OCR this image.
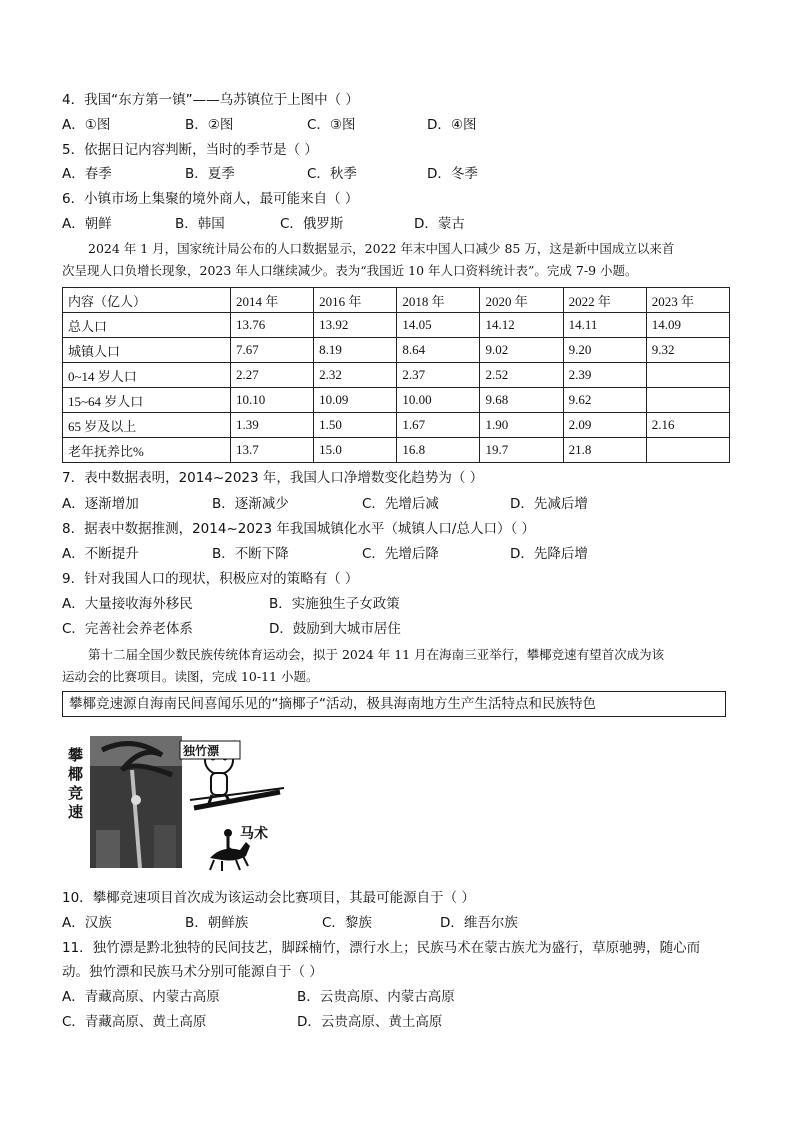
4．我国“东方第一镇”——乌苏镇位于上图中（ ）
A．①图	B．②图	C．③图	D．④图
5．依据日记内容判断，当时的季节是（ ）
A．春季	B．夏季	C．秋季	D．冬季
6．小镇市场上集聚的境外商人，最可能来自（ ）
A．朝鲜	B．韩国	C．俄罗斯	D．蒙古
2024 年 1 月，国家统计局公布的人口数据显示，2022 年末中国人口减少 85 万，这是新中国成立以来首
次呈现人口负增长现象，2023 年人口继续减少。表为“我国近 10 年人口资料统计表”。完成 7-9 小题。
内容（亿人）	2014 年	2016 年	2018 年	2020 年	2022 年	2023 年
总人口	13.76	13.92	14.05	14.12	14.11	14.09
城镇人口	7.67	8.19	8.64	9.02	9.20	9.32
0~14 岁人口	2.27	2.32	2.37	2.52	2.39	
15~64 岁人口	10.10	10.09	10.00	9.68	9.62	
65 岁及以上	1.39	1.50	1.67	1.90	2.09	2.16
老年抚养比%	13.7	15.0	16.8	19.7	21.8	
7．表中数据表明，2014~2023 年，我国人口净增数变化趋势为（ ）
A．逐渐增加	B．逐渐减少	C．先增后减	D．先减后增
8．据表中数据推测，2014~2023 年我国城镇化水平（城镇人口/总人口）（ ）
A．不断提升	B．不断下降	C．先增后降	D．先降后增
9．针对我国人口的现状，积极应对的策略有（ ）
A．大量接收海外移民	B．实施独生子女政策
C．完善社会养老体系	D．鼓励到大城市居住
第十二届全国少数民族传统体育运动会，拟于 2024 年 11 月在海南三亚举行，攀椰竞速有望首次成为该
运动会的比赛项目。读图，完成 10-11 小题。
攀椰竞速源自海南民间喜闻乐见的“摘椰子“活动，极具海南地方生产生活特点和民族特色
攀
椰
竞
速
独竹漂
马术
10．攀椰竞速项目首次成为该运动会比赛项目，其最可能源自于（ ）
A．汉族	B．朝鲜族	C．黎族	D．维吾尔族
11．独竹漂是黔北独特的民间技艺，脚踩楠竹，漂行水上；民族马术在蒙古族尤为盛行，草原驰骋，随心而
动。独竹漂和民族马术分别可能源自于（ ）
A．青藏高原、内蒙古高原	B．云贵高原、内蒙古高原
C．青藏高原、黄土高原	D．云贵高原、黄土高原
